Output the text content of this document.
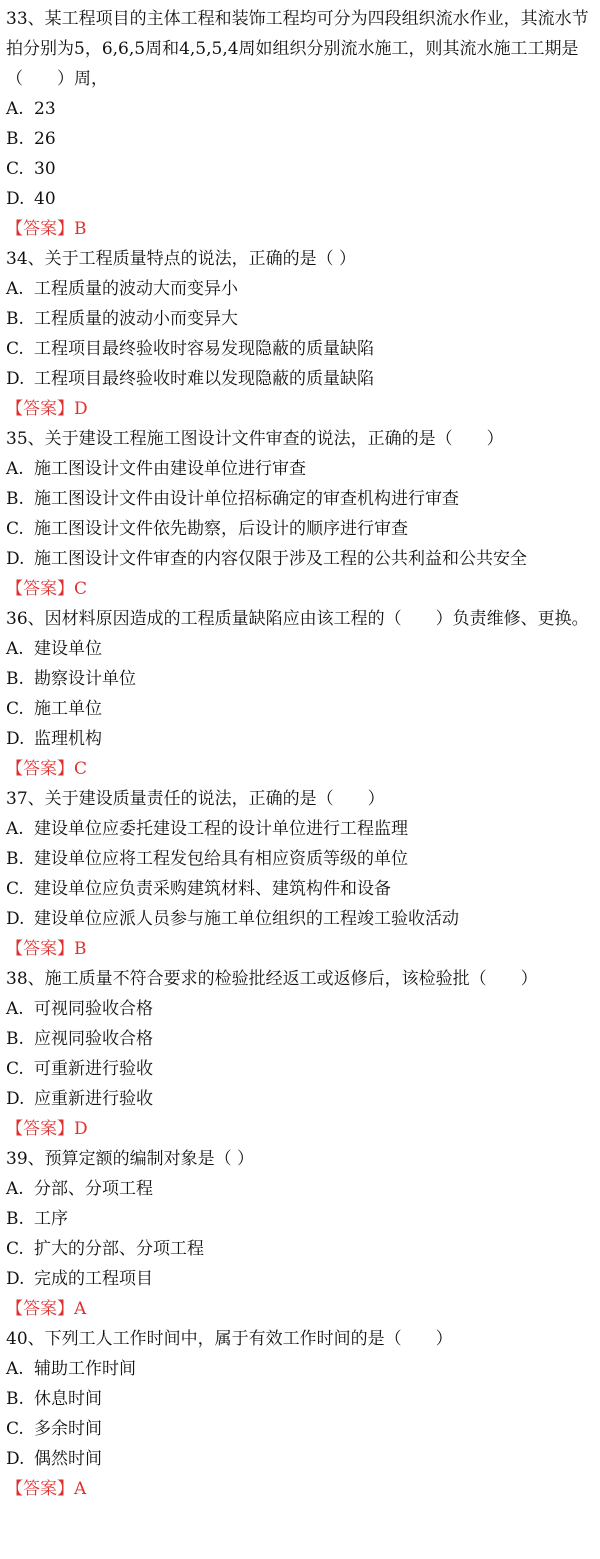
33、某工程项目的主体工程和装饰工程均可分为四段组织流水作业，其流水节拍分别为5，6,6,5周和4,5,5,4周如组织分别流水施工，则其流水施工工期是（　　）周，
A. 23
B. 26
C. 30
D. 40
【答案】B
34、关于工程质量特点的说法，正确的是（ ）
A. 工程质量的波动大而变异小
B. 工程质量的波动小而变异大
C. 工程项目最终验收时容易发现隐蔽的质量缺陷
D. 工程项目最终验收时难以发现隐蔽的质量缺陷
【答案】D
35、关于建设工程施工图设计文件审查的说法，正确的是（　　）
A. 施工图设计文件由建设单位进行审查
B. 施工图设计文件由设计单位招标确定的审查机构进行审查
C. 施工图设计文件依先勘察，后设计的顺序进行审查
D. 施工图设计文件审查的内容仅限于涉及工程的公共利益和公共安全
【答案】C
36、因材料原因造成的工程质量缺陷应由该工程的（　　）负责维修、更换。
A. 建设单位
B. 勘察设计单位
C. 施工单位
D. 监理机构
【答案】C
37、关于建设质量责任的说法，正确的是（　　）
A. 建设单位应委托建设工程的设计单位进行工程监理
B. 建设单位应将工程发包给具有相应资质等级的单位
C. 建设单位应负责采购建筑材料、建筑构件和设备
D. 建设单位应派人员参与施工单位组织的工程竣工验收活动
【答案】B
38、施工质量不符合要求的检验批经返工或返修后，该检验批（　　）
A. 可视同验收合格
B. 应视同验收合格
C. 可重新进行验收
D. 应重新进行验收
【答案】D
39、预算定额的编制对象是（ ）
A. 分部、分项工程
B. 工序
C. 扩大的分部、分项工程
D. 完成的工程项目
【答案】A
40、下列工人工作时间中，属于有效工作时间的是（　　）
A. 辅助工作时间
B. 休息时间
C. 多余时间
D. 偶然时间
【答案】A
